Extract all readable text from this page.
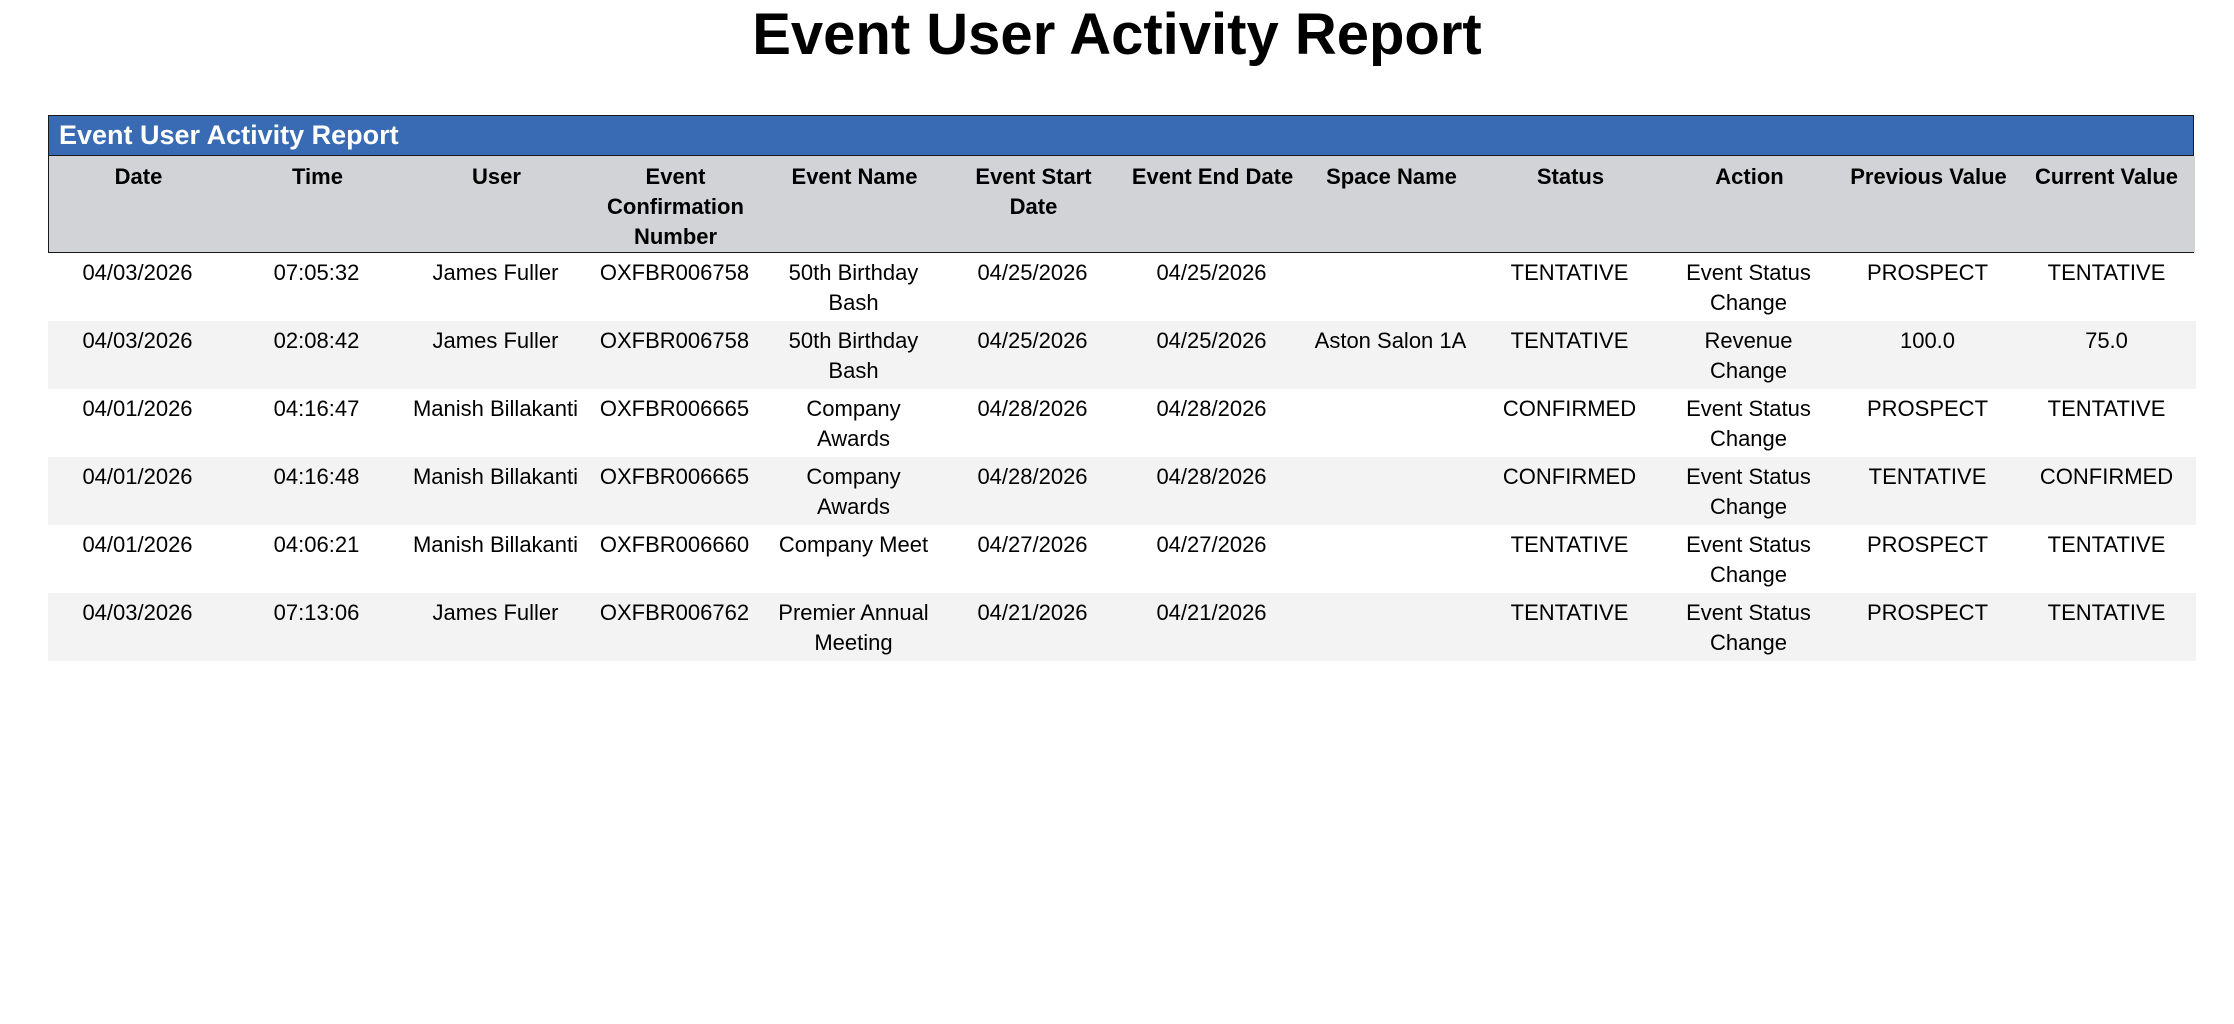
Event User Activity Report
Event User Activity Report
Date	Time	User	Event Confirmation Number	Event Name	Event Start Date	Event End Date	Space Name	Status	Action	Previous Value	Current Value
04/03/2026	07:05:32	James Fuller	OXFBR006758	50th Birthday Bash	04/25/2026	04/25/2026		TENTATIVE	Event Status Change	PROSPECT	TENTATIVE
04/03/2026	02:08:42	James Fuller	OXFBR006758	50th Birthday Bash	04/25/2026	04/25/2026	Aston Salon 1A	TENTATIVE	Revenue Change	100.0	75.0
04/01/2026	04:16:47	Manish Billakanti	OXFBR006665	Company Awards	04/28/2026	04/28/2026		CONFIRMED	Event Status Change	PROSPECT	TENTATIVE
04/01/2026	04:16:48	Manish Billakanti	OXFBR006665	Company Awards	04/28/2026	04/28/2026		CONFIRMED	Event Status Change	TENTATIVE	CONFIRMED
04/01/2026	04:06:21	Manish Billakanti	OXFBR006660	Company Meet	04/27/2026	04/27/2026		TENTATIVE	Event Status Change	PROSPECT	TENTATIVE
04/03/2026	07:13:06	James Fuller	OXFBR006762	Premier Annual Meeting	04/21/2026	04/21/2026		TENTATIVE	Event Status Change	PROSPECT	TENTATIVE
